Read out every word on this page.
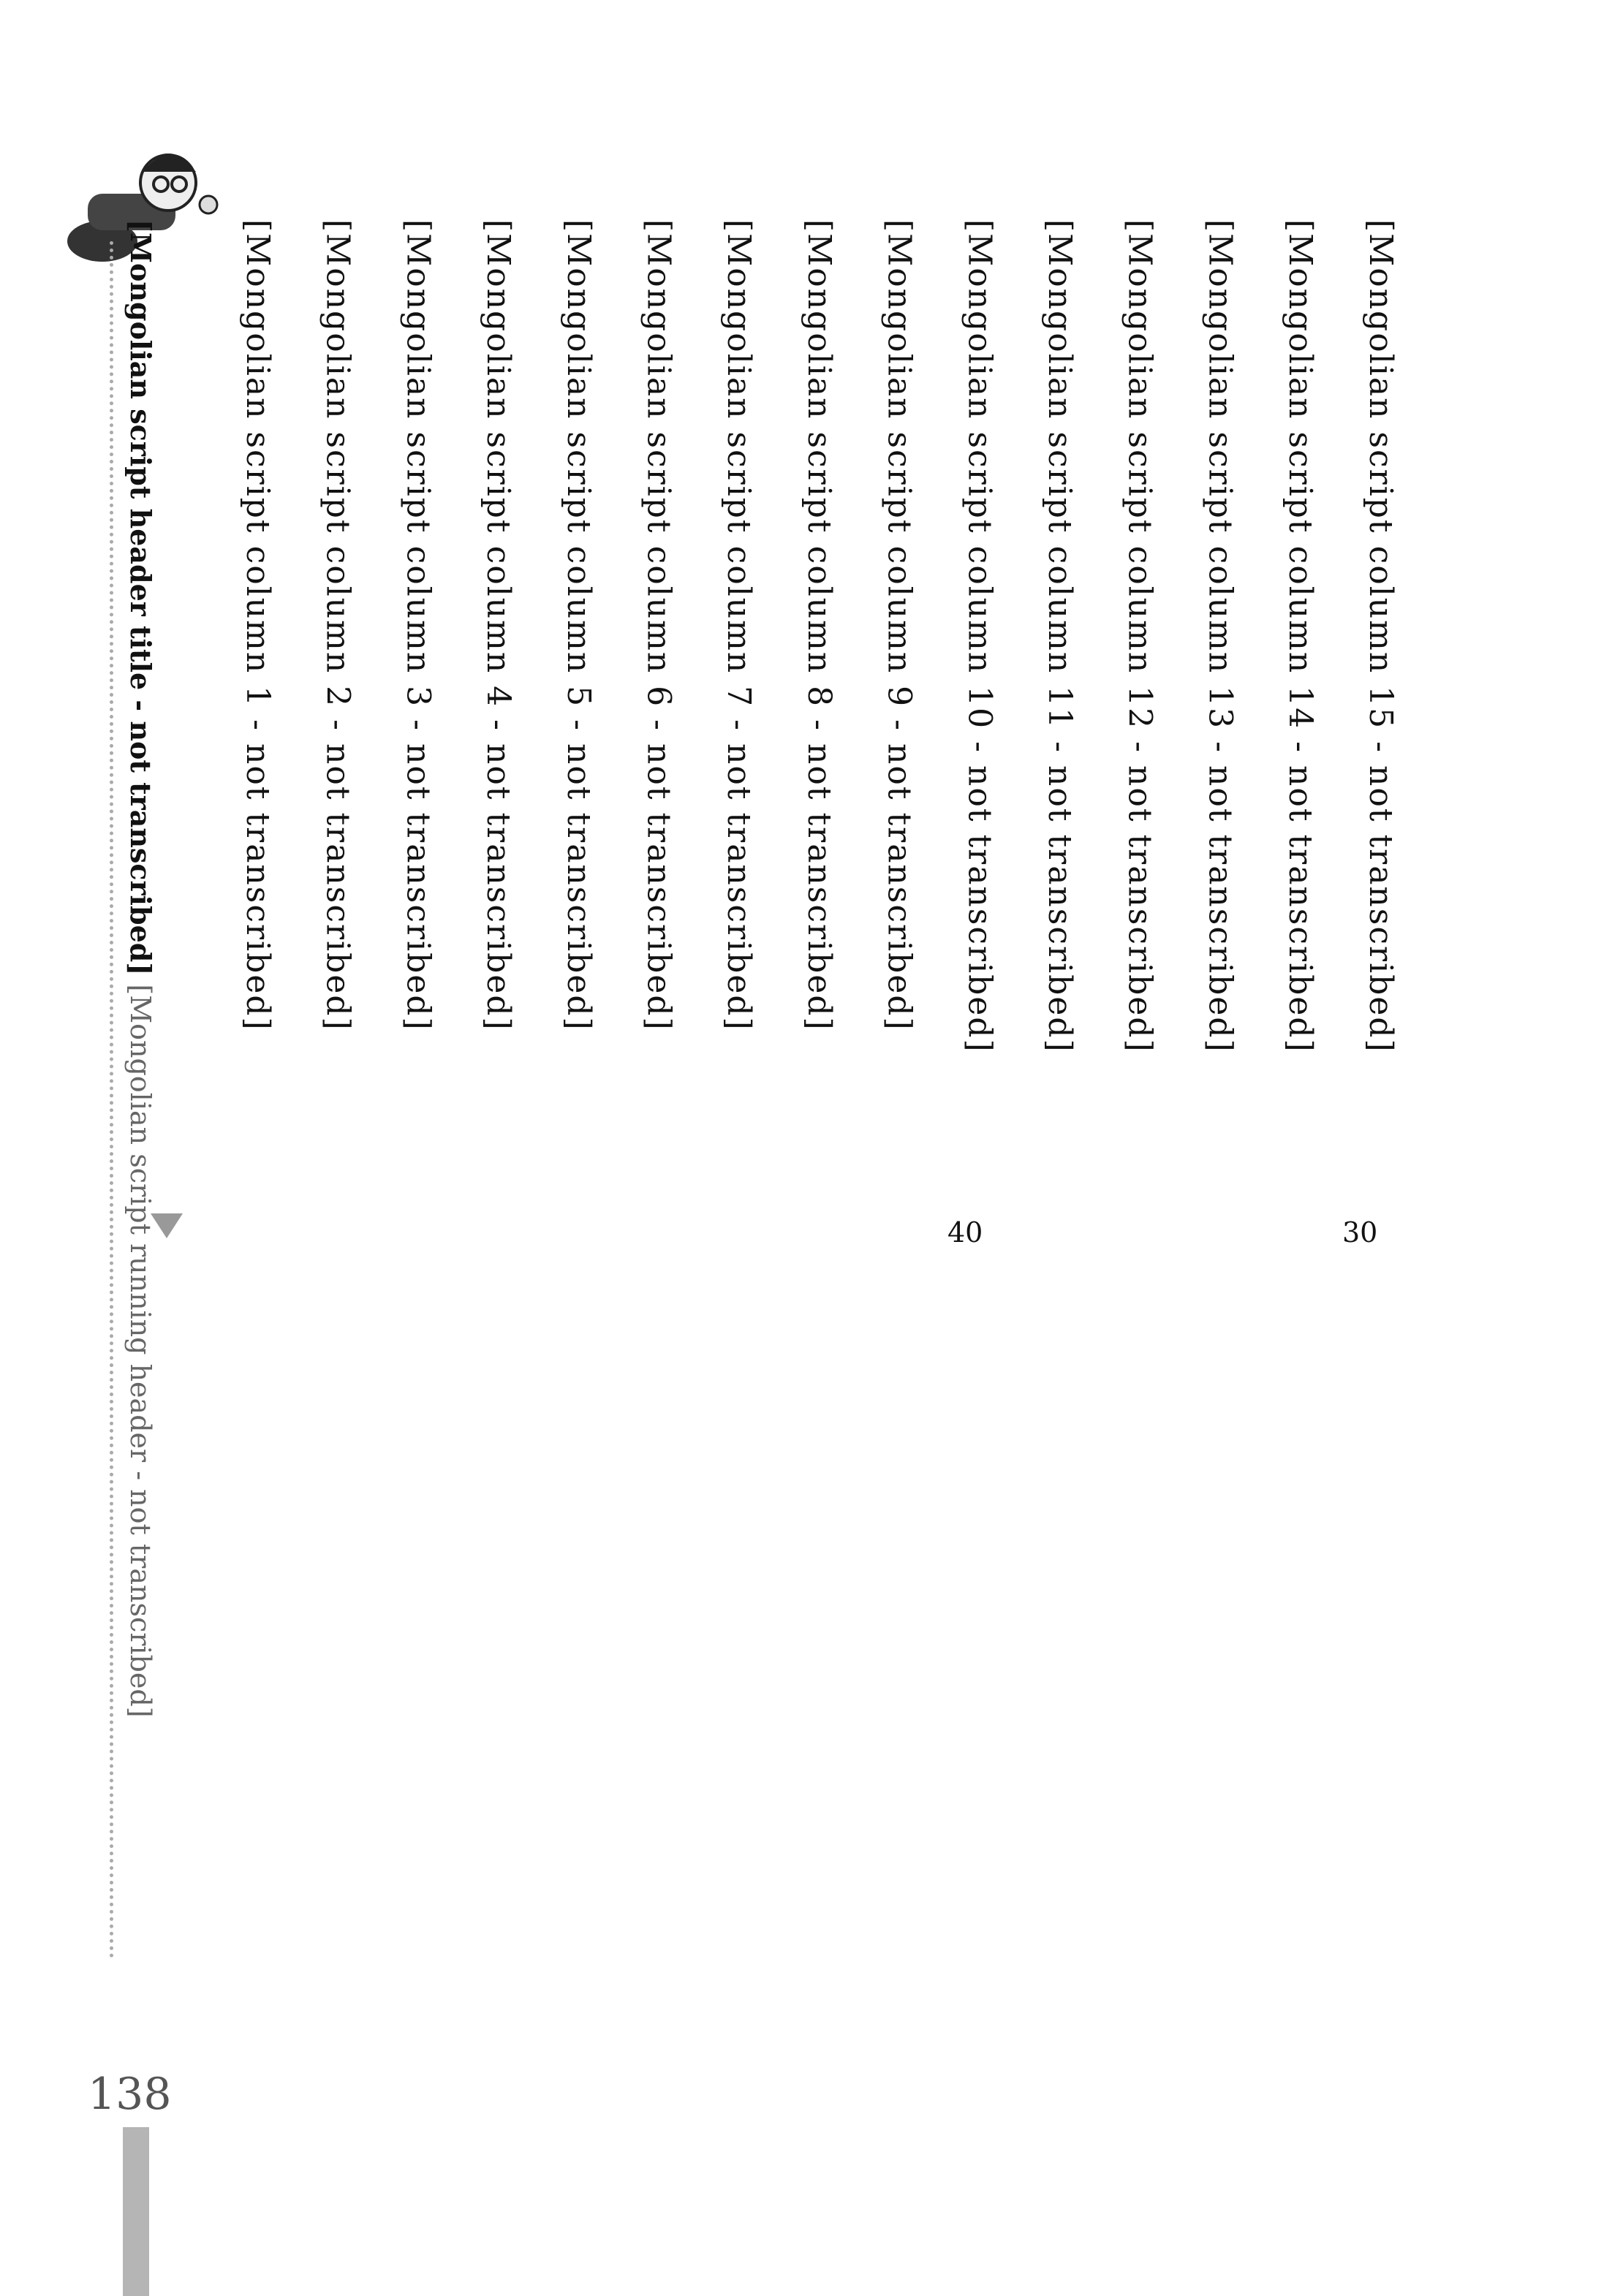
[Mongolian script header title - not transcribed] [Mongolian script running header - not transcribed]
[Mongolian script column 1 - not transcribed] [Mongolian script column 2 - not transcribed] [Mongolian script column 3 - not transcribed] [Mongolian script column 4 - not transcribed] [Mongolian script column 5 - not transcribed] [Mongolian script column 6 - not transcribed] [Mongolian script column 7 - not transcribed] [Mongolian script column 8 - not transcribed] [Mongolian script column 9 - not transcribed] [Mongolian script column 10 - not transcribed] [Mongolian script column 11 - not transcribed] [Mongolian script column 12 - not transcribed] [Mongolian script column 13 - not transcribed] [Mongolian script column 14 - not transcribed] [Mongolian script column 15 - not transcribed]
40	30
138
